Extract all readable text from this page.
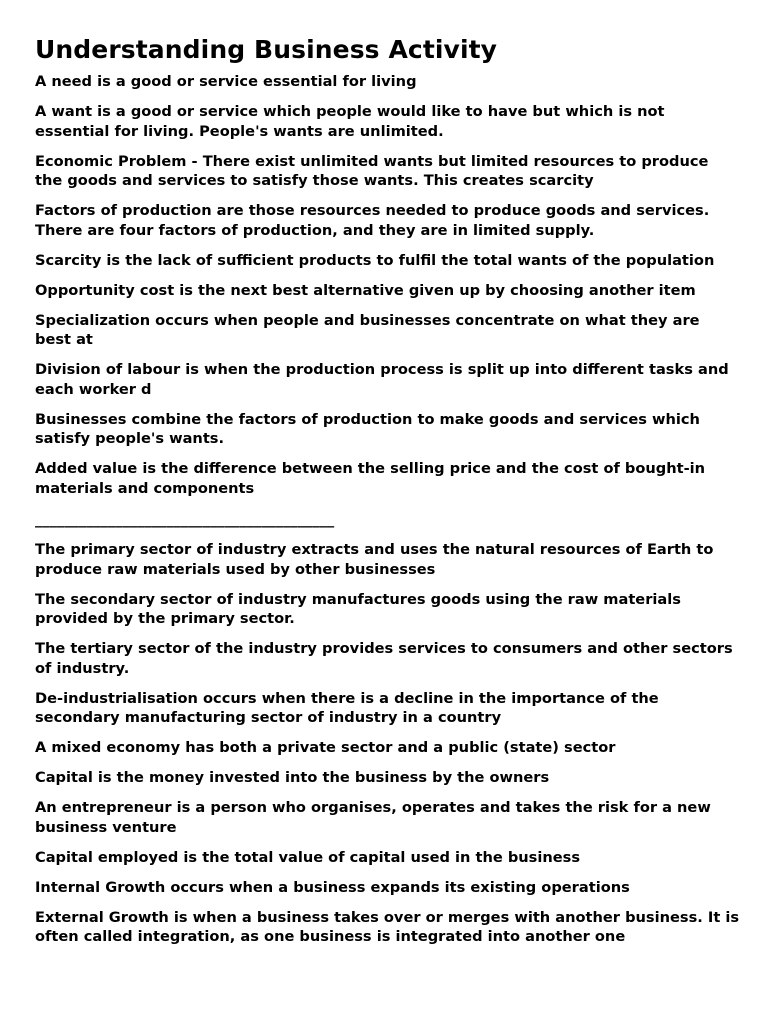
Understanding Business Activity

A need is a good or service essential for living

A want is a good or service which people would like to have but which is not essential for living. People's wants are unlimited.

Economic Problem - There exist unlimited wants but limited resources to produce the goods and services to satisfy those wants. This creates scarcity

Factors of production are those resources needed to produce goods and services. There are four factors of production, and they are in limited supply.

Scarcity is the lack of sufficient products to fulfil the total wants of the population

Opportunity cost is the next best alternative given up by choosing another item

Specialization occurs when people and businesses concentrate on what they are best at

Division of labour is when the production process is split up into different tasks and each worker d

Businesses combine the factors of production to make goods and services which satisfy people's wants.

Added value is the difference between the selling price and the cost of bought-in materials and components

_________________________________________

The primary sector of industry extracts and uses the natural resources of Earth to produce raw materials used by other businesses

The secondary sector of industry manufactures goods using the raw materials provided by the primary sector.

The tertiary sector of the industry provides services to consumers and other sectors of industry.

De-industrialisation occurs when there is a decline in the importance of the secondary manufacturing sector of industry in a country

A mixed economy has both a private sector and a public (state) sector

Capital is the money invested into the business by the owners

An entrepreneur is a person who organises, operates and takes the risk for a new business venture

Capital employed is the total value of capital used in the business

Internal Growth occurs when a business expands its existing operations

External Growth is when a business takes over or merges with another business. It is often called integration, as one business is integrated into another one
